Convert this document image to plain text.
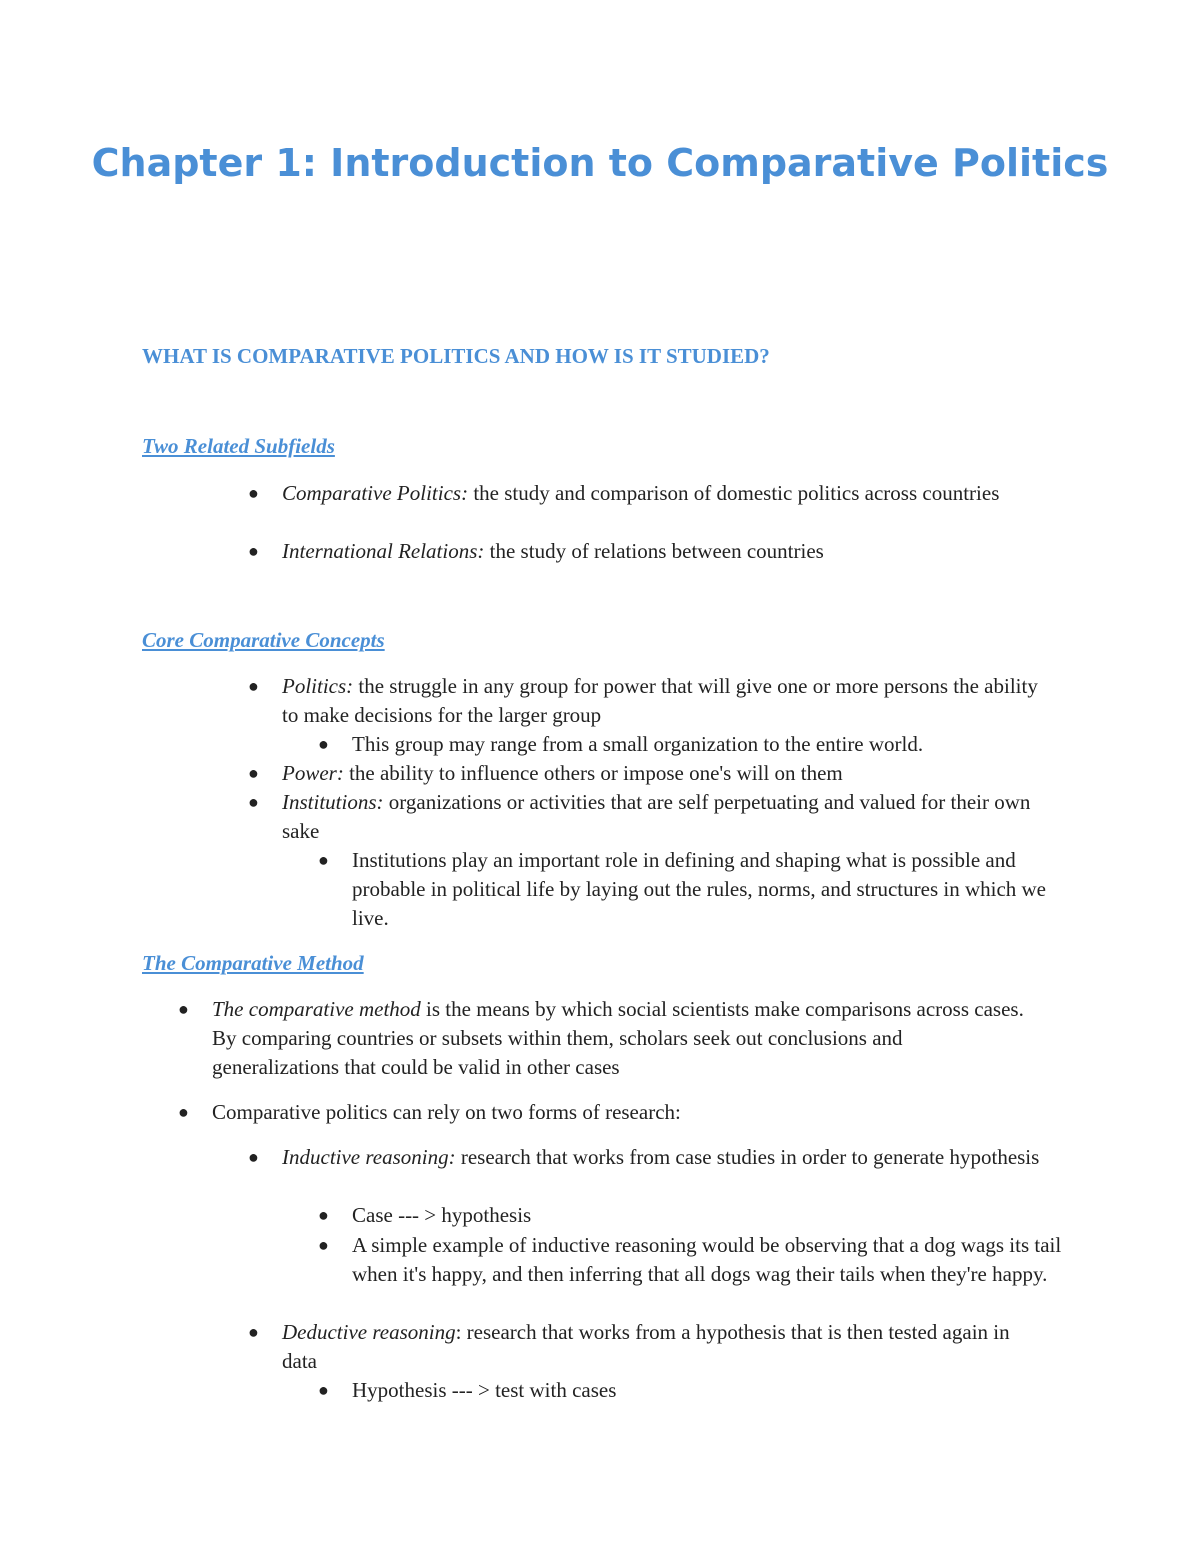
Chapter 1: Introduction to Comparative Politics
WHAT IS COMPARATIVE POLITICS AND HOW IS IT STUDIED?
Two Related Subfields
● Comparative Politics: the study and comparison of domestic politics across countries
● International Relations: the study of relations between countries
Core Comparative Concepts
● Politics: the struggle in any group for power that will give one or more persons the ability to make decisions for the larger group
● This group may range from a small organization to the entire world.
● Power: the ability to influence others or impose one's will on them
● Institutions: organizations or activities that are self perpetuating and valued for their own sake
● Institutions play an important role in defining and shaping what is possible and probable in political life by laying out the rules, norms, and structures in which we live.
The Comparative Method
● The comparative method is the means by which social scientists make comparisons across cases. By comparing countries or subsets within them, scholars seek out conclusions and generalizations that could be valid in other cases
● Comparative politics can rely on two forms of research:
● Inductive reasoning: research that works from case studies in order to generate hypothesis
● Case --- > hypothesis
● A simple example of inductive reasoning would be observing that a dog wags its tail when it's happy, and then inferring that all dogs wag their tails when they're happy.
● Deductive reasoning: research that works from a hypothesis that is then tested again in data
● Hypothesis --- > test with cases
